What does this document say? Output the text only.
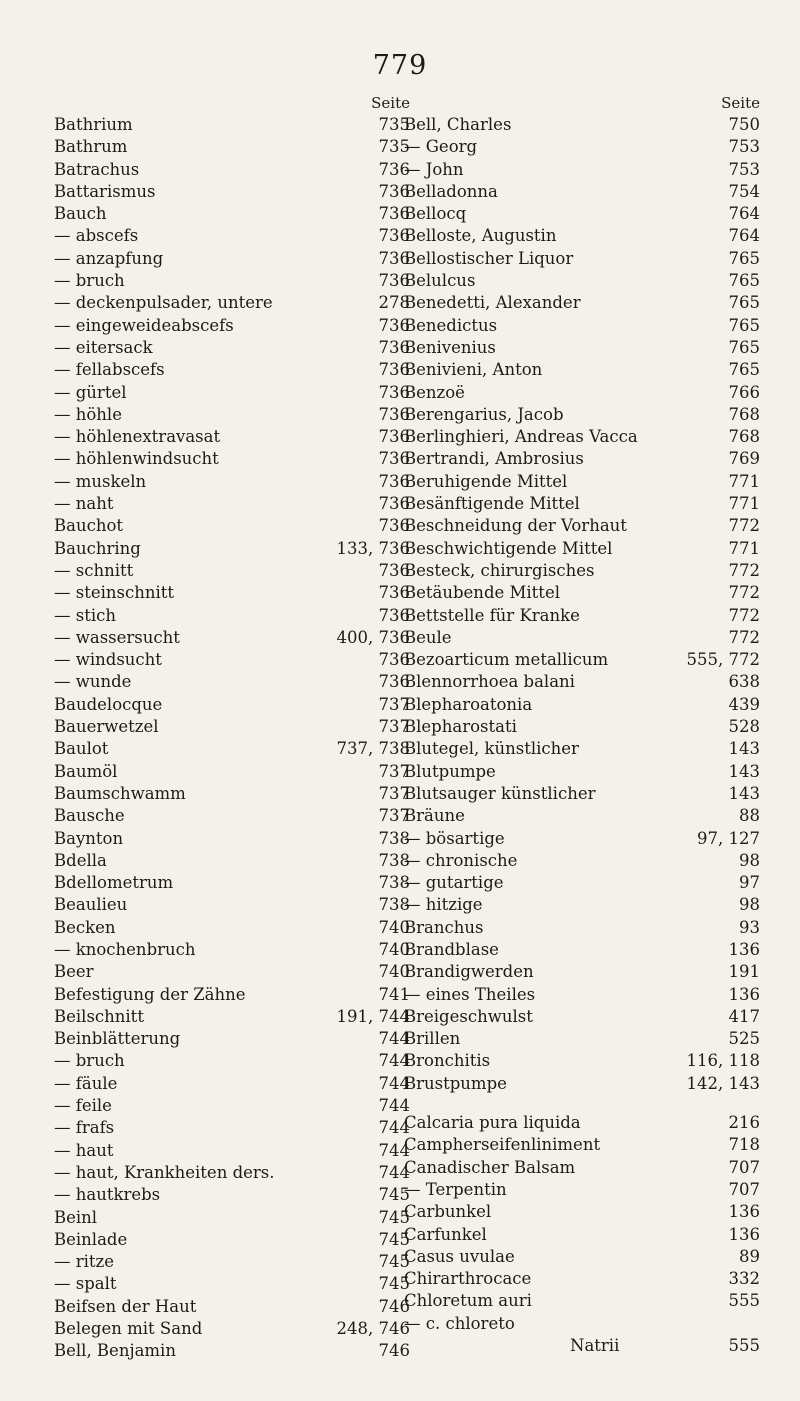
779
Seite
Bathrium	735
Bathrum	735
Batrachus	736
Battarismus	736
Bauch	736
— abscefs	736
— anzapfung	736
— bruch	736
— deckenpulsader, untere	278
— eingeweideabscefs	736
— eitersack	736
— fellabscefs	736
— gürtel	736
— höhle	736
— höhlenextravasat	736
— höhlenwindsucht	736
— muskeln	736
— naht	736
Bauchot	736
Bauchring	133, 736
— schnitt	736
— steinschnitt	736
— stich	736
— wassersucht	400, 736
— windsucht	736
— wunde	736
Baudelocque	737
Bauerwetzel	737
Baulot	737, 738
Baumöl	737
Baumschwamm	737
Bausche	737
Baynton	738
Bdella	738
Bdellometrum	738
Beaulieu	738
Becken	740
— knochenbruch	740
Beer	740
Befestigung der Zähne	741
Beilschnitt	191, 744
Beinblätterung	744
— bruch	744
— fäule	744
— feile	744
— frafs	744
— haut	744
— haut, Krankheiten ders.	744
— hautkrebs	745
Beinl	745
Beinlade	745
— ritze	745
— spalt	745
Beifsen der Haut	746
Belegen mit Sand	248, 746
Bell, Benjamin	746
Seite
Bell, Charles	750
— Georg	753
— John	753
Belladonna	754
Bellocq	764
Belloste, Augustin	764
Bellostischer Liquor	765
Belulcus	765
Benedetti, Alexander	765
Benedictus	765
Benivenius	765
Benivieni, Anton	765
Benzoë	766
Berengarius, Jacob	768
Berlinghieri, Andreas Vacca	768
Bertrandi, Ambrosius	769
Beruhigende Mittel	771
Besänftigende Mittel	771
Beschneidung der Vorhaut	772
Beschwichtigende Mittel	771
Besteck, chirurgisches	772
Betäubende Mittel	772
Bettstelle für Kranke	772
Beule	772
Bezoarticum metallicum	555, 772
Blennorrhoea balani	638
Blepharoatonia	439
Blepharostati	528
Blutegel, künstlicher	143
Blutpumpe	143
Blutsauger künstlicher	143
Bräune	88
— bösartige	97, 127
— chronische	98
— gutartige	97
— hitzige	98
Branchus	93
Brandblase	136
Brandigwerden	191
— eines Theiles	136
Breigeschwulst	417
Brillen	525
Bronchitis	116, 118
Brustpumpe	142, 143
Calcaria pura liquida	216
Campherseifenliniment	718
Canadischer Balsam	707
— Terpentin	707
Carbunkel	136
Carfunkel	136
Casus uvulae	89
Chirarthrocace	332
Chloretum auri	555
— c. chloreto
Natrii	555
